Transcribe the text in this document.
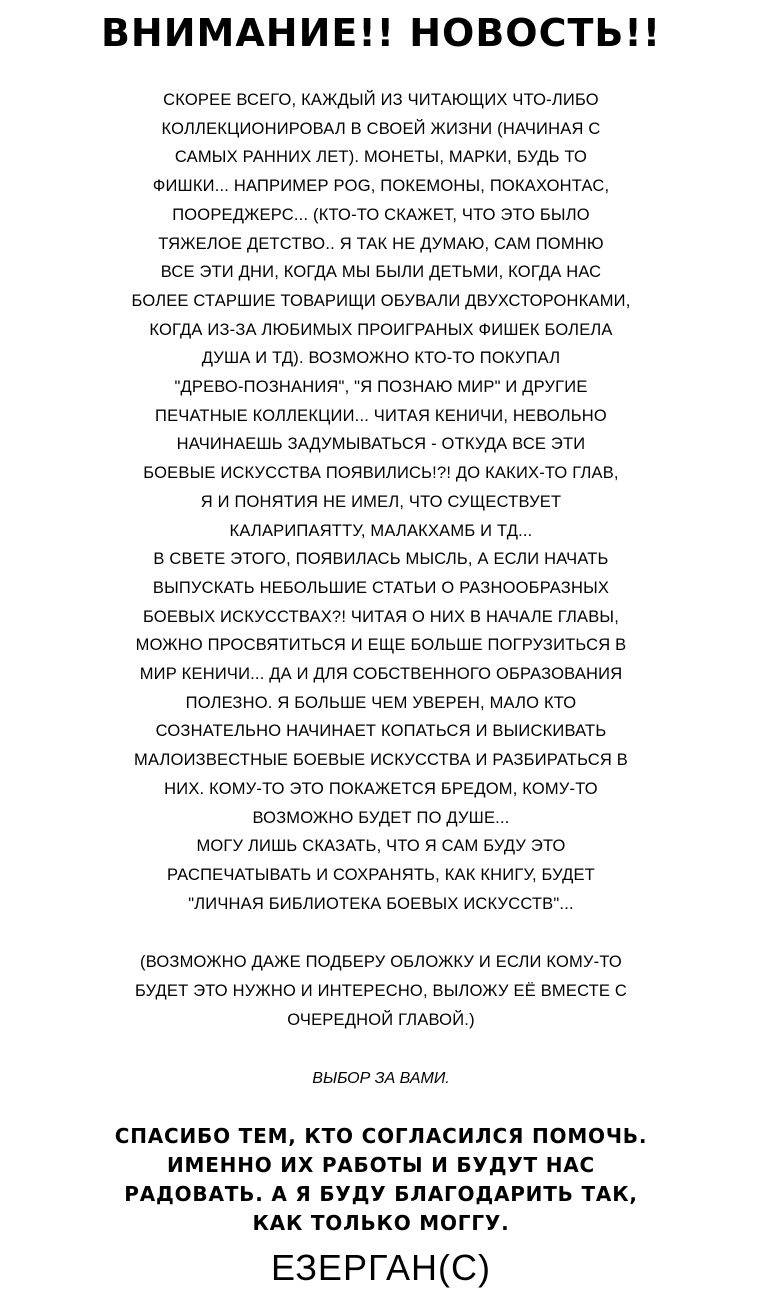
ВНИМАНИЕ!! НОВОСТЬ!!
СКОРЕЕ ВСЕГО, КАЖДЫЙ ИЗ ЧИТАЮЩИХ ЧТО-ЛИБО
КОЛЛЕКЦИОНИРОВАЛ В СВОЕЙ ЖИЗНИ (НАЧИНАЯ С
САМЫХ РАННИХ ЛЕТ). МОНЕТЫ, МАРКИ, БУДЬ ТО
ФИШКИ... НАПРИМЕР POG, ПОКЕМОНЫ, ПОКАХОНТАС,
ПООРЕДЖЕРС... (КТО-ТО СКАЖЕТ, ЧТО ЭТО БЫЛО
ТЯЖЕЛОЕ ДЕТСТВО.. Я ТАК НЕ ДУМАЮ, САМ ПОМНЮ
ВСЕ ЭТИ ДНИ, КОГДА МЫ БЫЛИ ДЕТЬМИ, КОГДА НАС
БОЛЕЕ СТАРШИЕ ТОВАРИЩИ ОБУВАЛИ ДВУХСТОРОНКАМИ,
КОГДА ИЗ-ЗА ЛЮБИМЫХ ПРОИГРАНЫХ ФИШЕК БОЛЕЛА
ДУША И ТД). ВОЗМОЖНО КТО-ТО ПОКУПАЛ
"ДРЕВО-ПОЗНАНИЯ", "Я ПОЗНАЮ МИР" И ДРУГИЕ
ПЕЧАТНЫЕ КОЛЛЕКЦИИ... ЧИТАЯ КЕНИЧИ, НЕВОЛЬНО
НАЧИНАЕШЬ ЗАДУМЫВАТЬСЯ - ОТКУДА ВСЕ ЭТИ
БОЕВЫЕ ИСКУССТВА ПОЯВИЛИСЬ!?! ДО КАКИХ-ТО ГЛАВ,
Я И ПОНЯТИЯ НЕ ИМЕЛ, ЧТО СУЩЕСТВУЕТ
КАЛАРИПАЯТТУ, МАЛАКХАМБ И ТД...
В СВЕТЕ ЭТОГО, ПОЯВИЛАСЬ МЫСЛЬ, А ЕСЛИ НАЧАТЬ
ВЫПУСКАТЬ НЕБОЛЬШИЕ СТАТЬИ О РАЗНООБРАЗНЫХ
БОЕВЫХ ИСКУССТВАХ?! ЧИТАЯ О НИХ В НАЧАЛЕ ГЛАВЫ,
МОЖНО ПРОСВЯТИТЬСЯ И ЕЩЕ БОЛЬШЕ ПОГРУЗИТЬСЯ В
МИР КЕНИЧИ... ДА И ДЛЯ СОБСТВЕННОГО ОБРАЗОВАНИЯ
ПОЛЕЗНО. Я БОЛЬШЕ ЧЕМ УВЕРЕН, МАЛО КТО
СОЗНАТЕЛЬНО НАЧИНАЕТ КОПАТЬСЯ И ВЫИСКИВАТЬ
МАЛОИЗВЕСТНЫЕ БОЕВЫЕ ИСКУССТВА И РАЗБИРАТЬСЯ В
НИХ. КОМУ-ТО ЭТО ПОКАЖЕТСЯ БРЕДОМ, КОМУ-ТО
ВОЗМОЖНО БУДЕТ ПО ДУШЕ...
МОГУ ЛИШЬ СКАЗАТЬ, ЧТО Я САМ БУДУ ЭТО
РАСПЕЧАТЫВАТЬ И СОХРАНЯТЬ, КАК КНИГУ, БУДЕТ
"ЛИЧНАЯ БИБЛИОТЕКА БОЕВЫХ ИСКУССТВ"...
(ВОЗМОЖНО ДАЖЕ ПОДБЕРУ ОБЛОЖКУ И ЕСЛИ КОМУ-ТО
БУДЕТ ЭТО НУЖНО И ИНТЕРЕСНО, ВЫЛОЖУ ЕЁ ВМЕСТЕ С
ОЧЕРЕДНОЙ ГЛАВОЙ.)
ВЫБОР ЗА ВАМИ.
СПАСИБО ТЕМ, КТО СОГЛАСИЛСЯ ПОМОЧЬ.
ИМЕННО ИХ РАБОТЫ И БУДУТ НАС
РАДОВАТЬ. А Я БУДУ БЛАГОДАРИТЬ ТАК,
КАК ТОЛЬКО МОГГУ.
ЕЗЕРГАН(С)
